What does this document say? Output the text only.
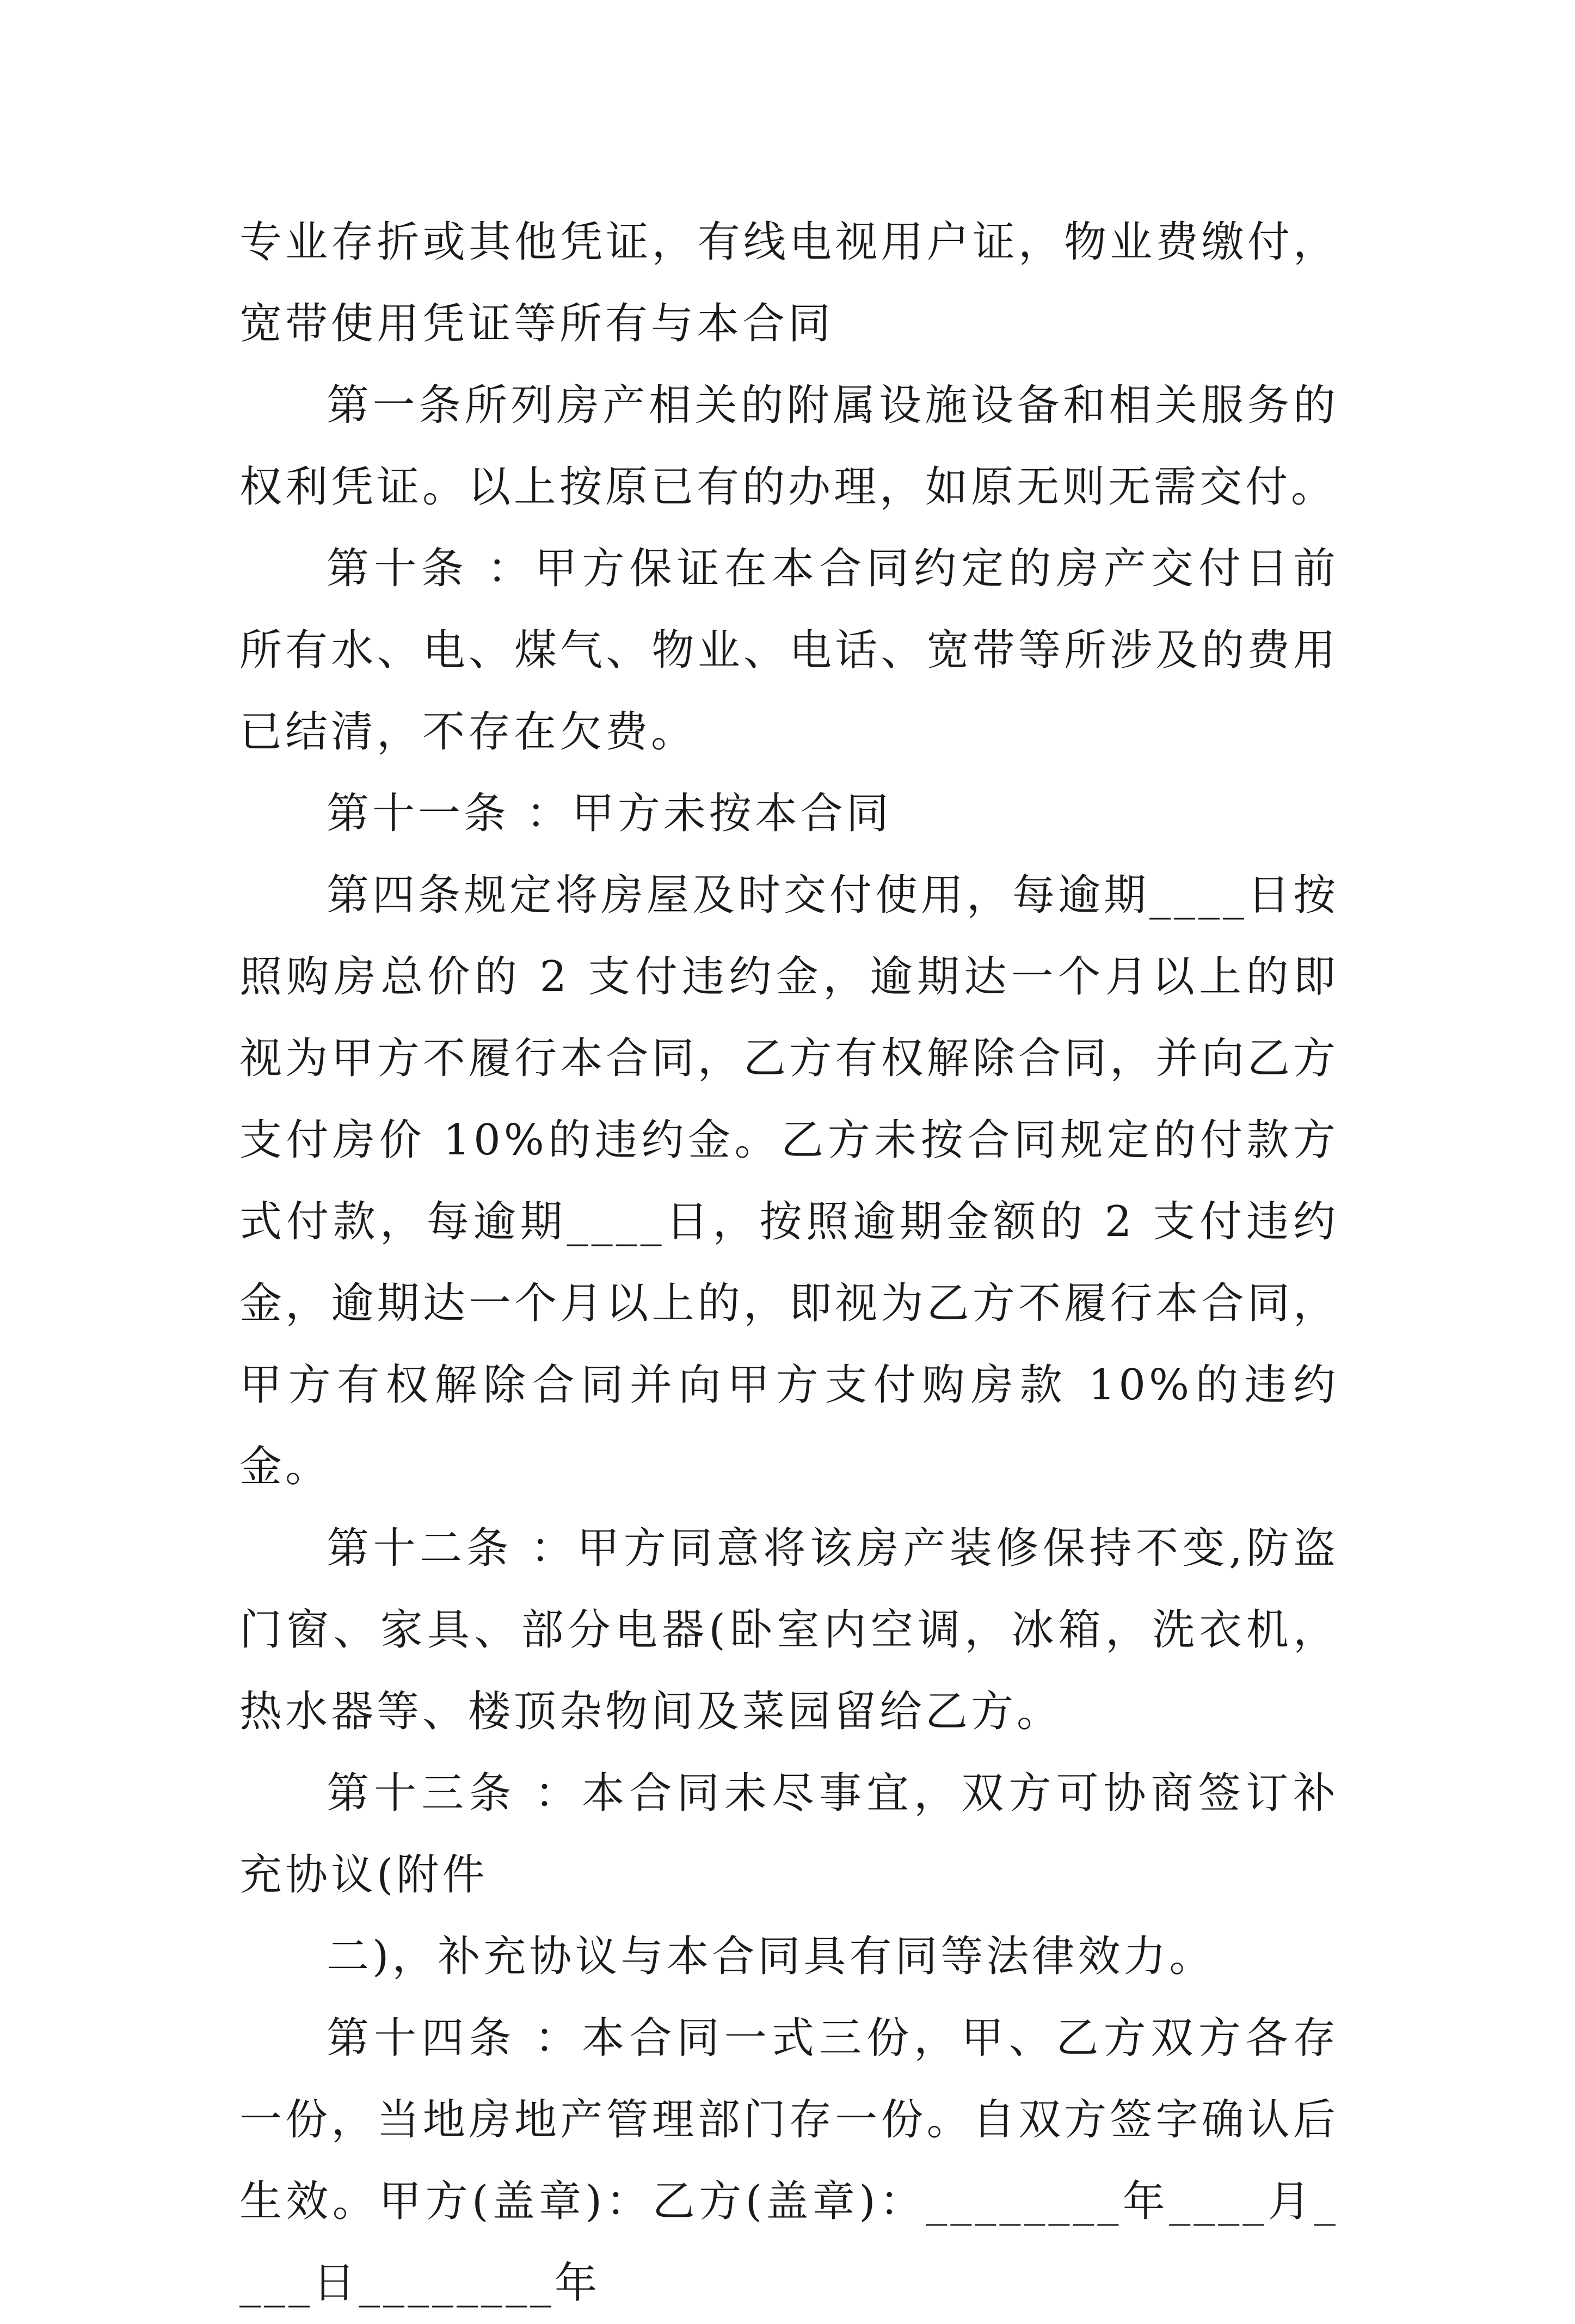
专业存折或其他凭证，有线电视用户证，物业费缴付，宽带使用凭证等所有与本合同

第一条所列房产相关的附属设施设备和相关服务的权利凭证。以上按原已有的办理，如原无则无需交付。

第十条 ：甲方保证在本合同约定的房产交付日前所有水、电、煤气、物业、电话、宽带等所涉及的费用已结清，不存在欠费。

第十一条 ：甲方未按本合同

第四条规定将房屋及时交付使用，每逾期____日按照购房总价的 2 支付违约金，逾期达一个月以上的即视为甲方不履行本合同，乙方有权解除合同，并向乙方支付房价 10%的违约金。乙方未按合同规定的付款方式付款，每逾期____日，按照逾期金额的 2 支付违约金，逾期达一个月以上的，即视为乙方不履行本合同，甲方有权解除合同并向甲方支付购房款 10%的违约金。

第十二条 ：甲方同意将该房产装修保持不变,防盗门窗、家具、部分电器(卧室内空调，冰箱，洗衣机，热水器等、楼顶杂物间及菜园留给乙方。

第十三条 ：本合同未尽事宜，双方可协商签订补充协议(附件

二)，补充协议与本合同具有同等法律效力。

第十四条 ：本合同一式三份，甲、乙方双方各存一份，当地房地产管理部门存一份。自双方签字确认后生效。甲方(盖章)：乙方(盖章)：________年____月____日________年
